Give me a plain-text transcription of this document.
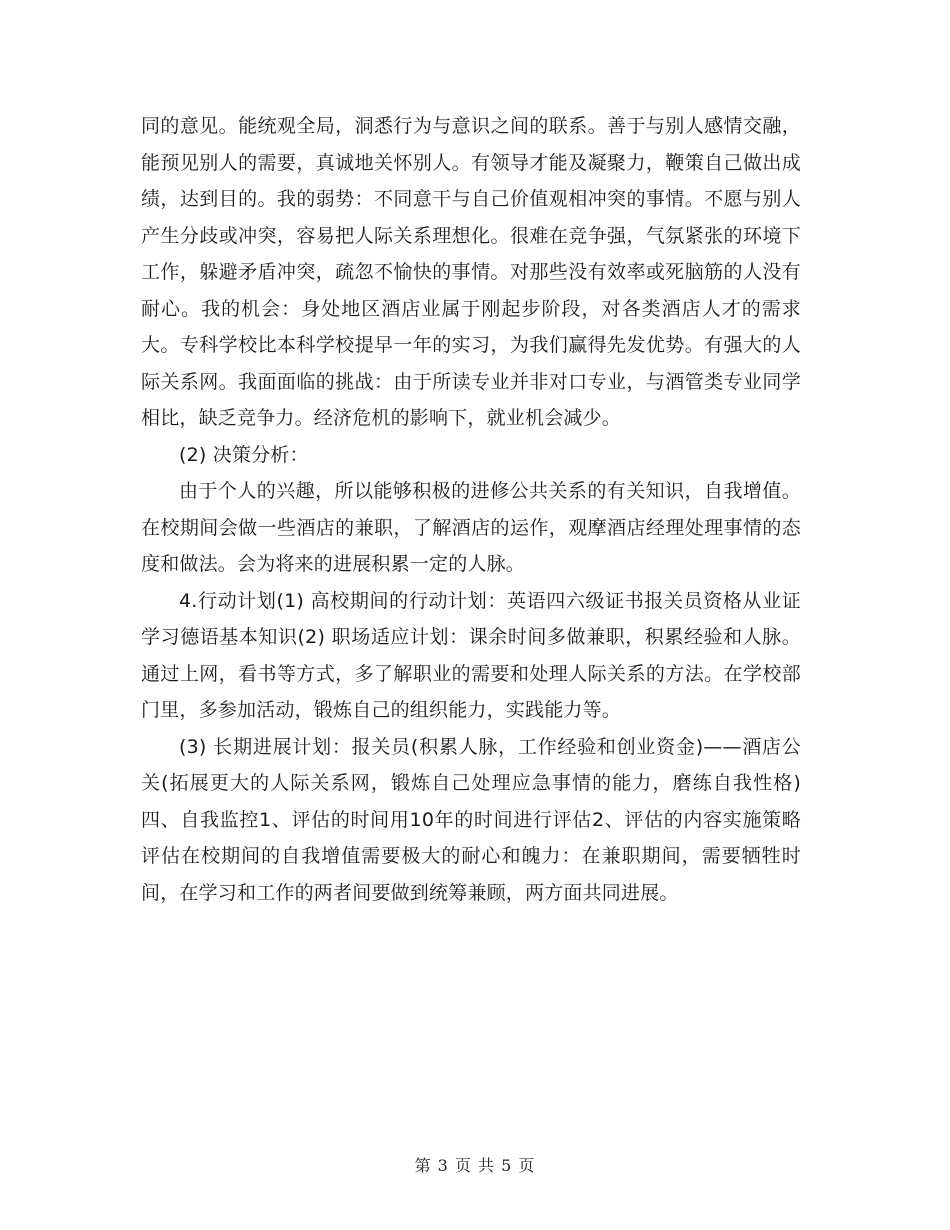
同的意见。能统观全局，洞悉行为与意识之间的联系。善于与别人感情交融，能预见别人的需要，真诚地关怀别人。有领导才能及凝聚力，鞭策自己做出成绩，达到目的。我的弱势：不同意干与自己价值观相冲突的事情。不愿与别人产生分歧或冲突，容易把人际关系理想化。很难在竞争强，气氛紧张的环境下工作，躲避矛盾冲突，疏忽不愉快的事情。对那些没有效率或死脑筋的人没有耐心。我的机会：身处地区酒店业属于刚起步阶段，对各类酒店人才的需求大。专科学校比本科学校提早一年的实习，为我们赢得先发优势。有强大的人际关系网。我面面临的挑战：由于所读专业并非对口专业，与酒管类专业同学相比，缺乏竞争力。经济危机的影响下，就业机会减少。

(2) 决策分析：

由于个人的兴趣，所以能够积极的进修公共关系的有关知识，自我增值。在校期间会做一些酒店的兼职，了解酒店的运作，观摩酒店经理处理事情的态度和做法。会为将来的进展积累一定的人脉。

4.行动计划(1) 高校期间的行动计划：英语四六级证书报关员资格从业证学习德语基本知识(2) 职场适应计划：课余时间多做兼职，积累经验和人脉。通过上网，看书等方式，多了解职业的需要和处理人际关系的方法。在学校部门里，多参加活动，锻炼自己的组织能力，实践能力等。

(3) 长期进展计划：报关员(积累人脉，工作经验和创业资金)——酒店公关(拓展更大的人际关系网，锻炼自己处理应急事情的能力，磨练自我性格)四、自我监控1、评估的时间用10年的时间进行评估2、评估的内容实施策略评估在校期间的自我增值需要极大的耐心和魄力：在兼职期间，需要牺牲时间，在学习和工作的两者间要做到统筹兼顾，两方面共同进展。

第 3 页 共 5 页
